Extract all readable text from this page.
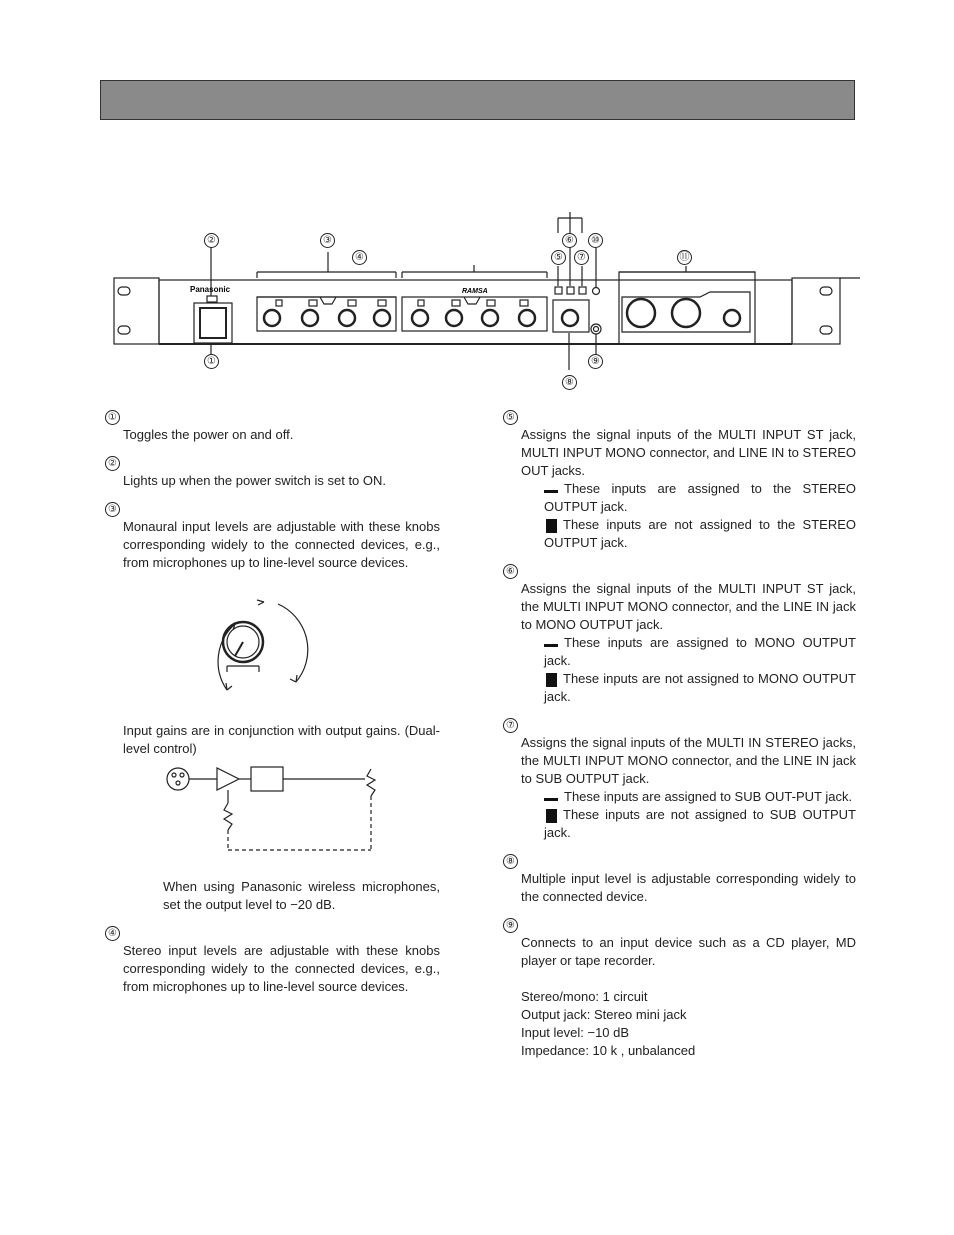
Panasonic	RAMSA
②	③
④	⑤
⑥
⑦
⑩
⑪
①	⑨
⑧
①

Toggles the power on and off.

②

Lights up when the power switch is set to ON.

③

Monaural input levels are adjustable with these knobs corresponding widely to the connected devices, e.g., from microphones up to line-level source devices.

Input gains are in conjunction with output gains. (Dual-level control)

When using Panasonic wireless microphones, set the output level to −20 dB.

④

Stereo input levels are adjustable with these knobs corresponding widely to the connected devices, e.g., from microphones up to line-level source devices.

⑤

Assigns the signal inputs of the MULTI INPUT ST jack, MULTI INPUT MONO connector, and LINE IN to STEREO OUT jacks.

These inputs are assigned to the STEREO OUTPUT jack.

These inputs are not assigned to the STEREO OUTPUT jack.

⑥

Assigns the signal inputs of the MULTI INPUT ST jack, the MULTI INPUT MONO connector, and the LINE IN jack to MONO OUTPUT jack.

These inputs are assigned to MONO OUTPUT jack.

These inputs are not assigned to MONO OUTPUT jack.

⑦

Assigns the signal inputs of the MULTI IN STEREO jacks, the MULTI INPUT MONO connector, and the LINE IN jack to SUB OUTPUT jack.

These inputs are assigned to SUB OUT-PUT jack.

These inputs are not assigned to SUB OUTPUT jack.

⑧

Multiple input level is adjustable corresponding widely to the connected device.

⑨

Connects to an input device such as a CD player, MD player or tape recorder.

Stereo/mono: 1 circuit

Output jack: Stereo mini jack

Input level: −10 dB

Impedance: 10 k , unbalanced
